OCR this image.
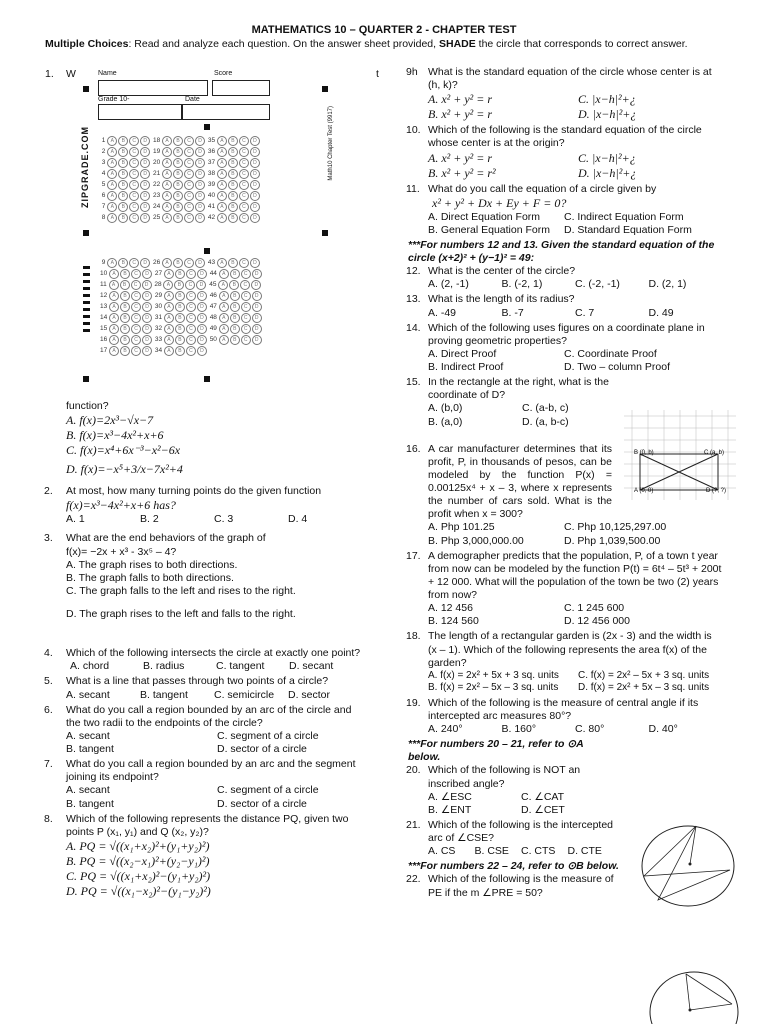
MATHEMATICS 10 – QUARTER 2 - CHAPTER TEST
Multiple Choices: Read and analyze each question. On the answer sheet provided, SHADE the circle that corresponds to correct answer.
1. W	Name	Score
Grade 10-	Date
ZIPGRADE.COM	Math10 Chapter Test (9917)
1 A B C D 18 A B C D 35 A B C D
2 A B C D 19 A B C D 36 A B C D
3 A B C D 20 A B C D 37 A B C D
4 A B C D 21 A B C D 38 A B C D
5 A B C D 22 A B C D 39 A B C D
6 A B C D 23 A B C D 40 A B C D
7 A B C D 24 A B C D 41 A B C D
8 A B C D 25 A B C D 42 A B C D
9 A B C D 26 A B C D 43 A B C D
10 A B C D 27 A B C D 44 A B C D
11 A B C D 28 A B C D 45 A B C D
12 A B C D 29 A B C D 46 A B C D
13 A B C D 30 A B C D 47 A B C D
14 A B C D 31 A B C D 48 A B C D
15 A B C D 32 A B C D 49 A B C D
16 A B C D 33 A B C D 50 A B C D
17 A B C D 34 A B C D
t
function?
A. f(x)=2x³−√x−7
B. f(x)=x³−4x²+x+6
C. f(x)=x⁴+6x⁻³−x²−6x
D. f(x)=−x⁵+3/x−7x²+4
2. At most, how many turning points do the given function
f(x)=x³−4x²+x+6 has?
A. 1	B. 2	C. 3	D. 4
3. What are the end behaviors of the graph of
f(x)= −2x + x³ - 3x⁵ – 4?
A. The graph rises to both directions.
B. The graph falls to both directions.
C. The graph falls to the left and rises to the right.
D. The graph rises to the left and falls to the right.
4. Which of the following intersects the circle at exactly one point?
A. chord	B. radius	C. tangent	D. secant
5. What is a line that passes through two points of a circle?
A. secant	B. tangent	C. semicircle	D. sector
6. What do you call a region bounded by an arc of the circle and the two radii to the endpoints of the circle?
A. secant	C. segment of a circle
B. tangent	D. sector of a circle
7. What do you call a region bounded by an arc and the segment joining its endpoint?
A. secant	C. segment of a circle
B. tangent	D. sector of a circle
8. Which of the following represents the distance PQ, given two points P (x₁, y₁) and Q (x₂, y₂)?
A. PQ = √((x₁+x₂)²+(y₁+y₂)²)
B. PQ = √((x₂−x₁)²+(y₂−y₁)²)
C. PQ = √((x₁+x₂)²−(y₁+y₂)²)
D. PQ = √((x₁−x₂)²−(y₁−y₂)²)
9h What is the standard equation of the circle whose center is at (h, k)?
A. x² + y² = r	C. |x−h|²+¿
B. x² + y² = r	D. |x−h|²+¿
10. Which of the following is the standard equation of the circle whose center is at the origin?
A. x² + y² = r	C. |x−h|²+¿
B. x² + y² = r²	D. |x−h|²+¿
11. What do you call the equation of a circle given by
x² + y² + Dx + Ey + F = 0?
A. Direct Equation Form	C. Indirect Equation Form
B. General Equation Form	D. Standard Equation Form
***For numbers 12 and 13. Given the standard equation of the circle (x+2)² + (y−1)² = 49:
12. What is the center of the circle?
A. (2, -1)	B. (-2, 1)	C. (-2, -1)	D. (2, 1)
13. What is the length of its radius?
A. -49	B. -7	C. 7	D. 49
14. Which of the following uses figures on a coordinate plane in proving geometric properties?
A. Direct Proof	C. Coordinate Proof
B. Indirect Proof	D. Two – column Proof
15. In the rectangle at the right, what is the coordinate of D?
A. (b,0)	C. (a-b, c)
B. (a,0)	D. (a, b-c)
16. A car manufacturer determines that its profit, P, in thousands of pesos, can be modeled by the function P(x) = 0.00125x⁴ + x – 3, where x represents the number of cars sold. What is the profit when x = 300?
A. Php 101.25	C. Php 10,125,297.00
B. Php 3,000,000.00	D. Php 1,039,500.00
17. A demographer predicts that the population, P, of a town t year from now can be modeled by the function P(t) = 6t⁴ – 5t³ + 200t + 12 000. What will the population of the town be two (2) years from now?
A. 12 456	C. 1 245 600
B. 124 560	D. 12 456 000
18. The length of a rectangular garden is (2x - 3) and the width is (x – 1). Which of the following represents the area f(x) of the garden?
A. f(x) = 2x² + 5x + 3 sq. units	C. f(x) = 2x² – 5x + 3 sq. units
B. f(x) = 2x² – 5x – 3 sq. units	D. f(x) = 2x² + 5x – 3 sq. units
19. Which of the following is the measure of central angle if its intercepted arc measures 80°?
A. 240°	B. 160°	C. 80°	D. 40°
***For numbers 20 – 21, refer to ⊙A below.
20. Which of the following is NOT an inscribed angle?
A. ∠ESC	C. ∠CAT
B. ∠ENT	D. ∠CET
21. Which of the following is the intercepted arc of ∠CSE?
A. CS	B. CSE	C. CTS	D. CTE
***For numbers 22 – 24, refer to ⊙B below.
22. Which of the following is the measure of PE if the m ∠PRE = 50?
B (0, b)	C (a, b)
A (0, 0)	D (?, ?)
